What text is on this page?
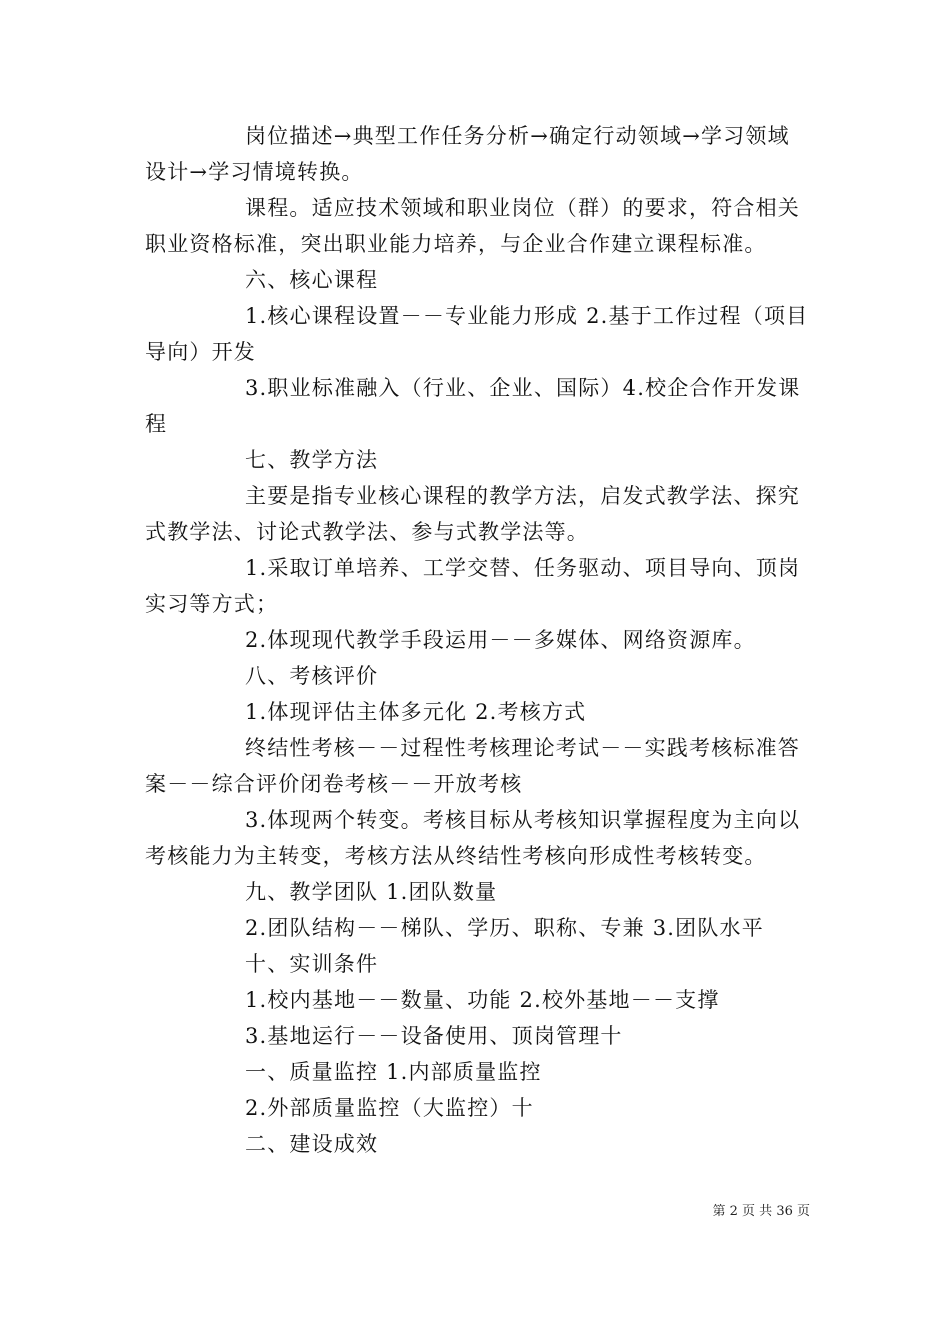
岗位描述→典型工作任务分析→确定行动领域→学习领域设计→学习情境转换。

课程。适应技术领域和职业岗位（群）的要求，符合相关职业资格标准，突出职业能力培养，与企业合作建立课程标准。

六、核心课程

1.核心课程设置－－专业能力形成 2.基于工作过程（项目导向）开发

3.职业标准融入（行业、企业、国际）4.校企合作开发课程

七、教学方法

主要是指专业核心课程的教学方法，启发式教学法、探究式教学法、讨论式教学法、参与式教学法等。

1.采取订单培养、工学交替、任务驱动、项目导向、顶岗实习等方式；

2.体现现代教学手段运用－－多媒体、网络资源库。

八、考核评价

1.体现评估主体多元化 2.考核方式

终结性考核－－过程性考核理论考试－－实践考核标准答案－－综合评价闭卷考核－－开放考核

3.体现两个转变。考核目标从考核知识掌握程度为主向以考核能力为主转变，考核方法从终结性考核向形成性考核转变。

九、教学团队 1.团队数量

2.团队结构－－梯队、学历、职称、专兼 3.团队水平

十、实训条件

1.校内基地－－数量、功能 2.校外基地－－支撑

3.基地运行－－设备使用、顶岗管理十

一、质量监控 1.内部质量监控

2.外部质量监控（大监控）十

二、建设成效

第 2 页 共 36 页
